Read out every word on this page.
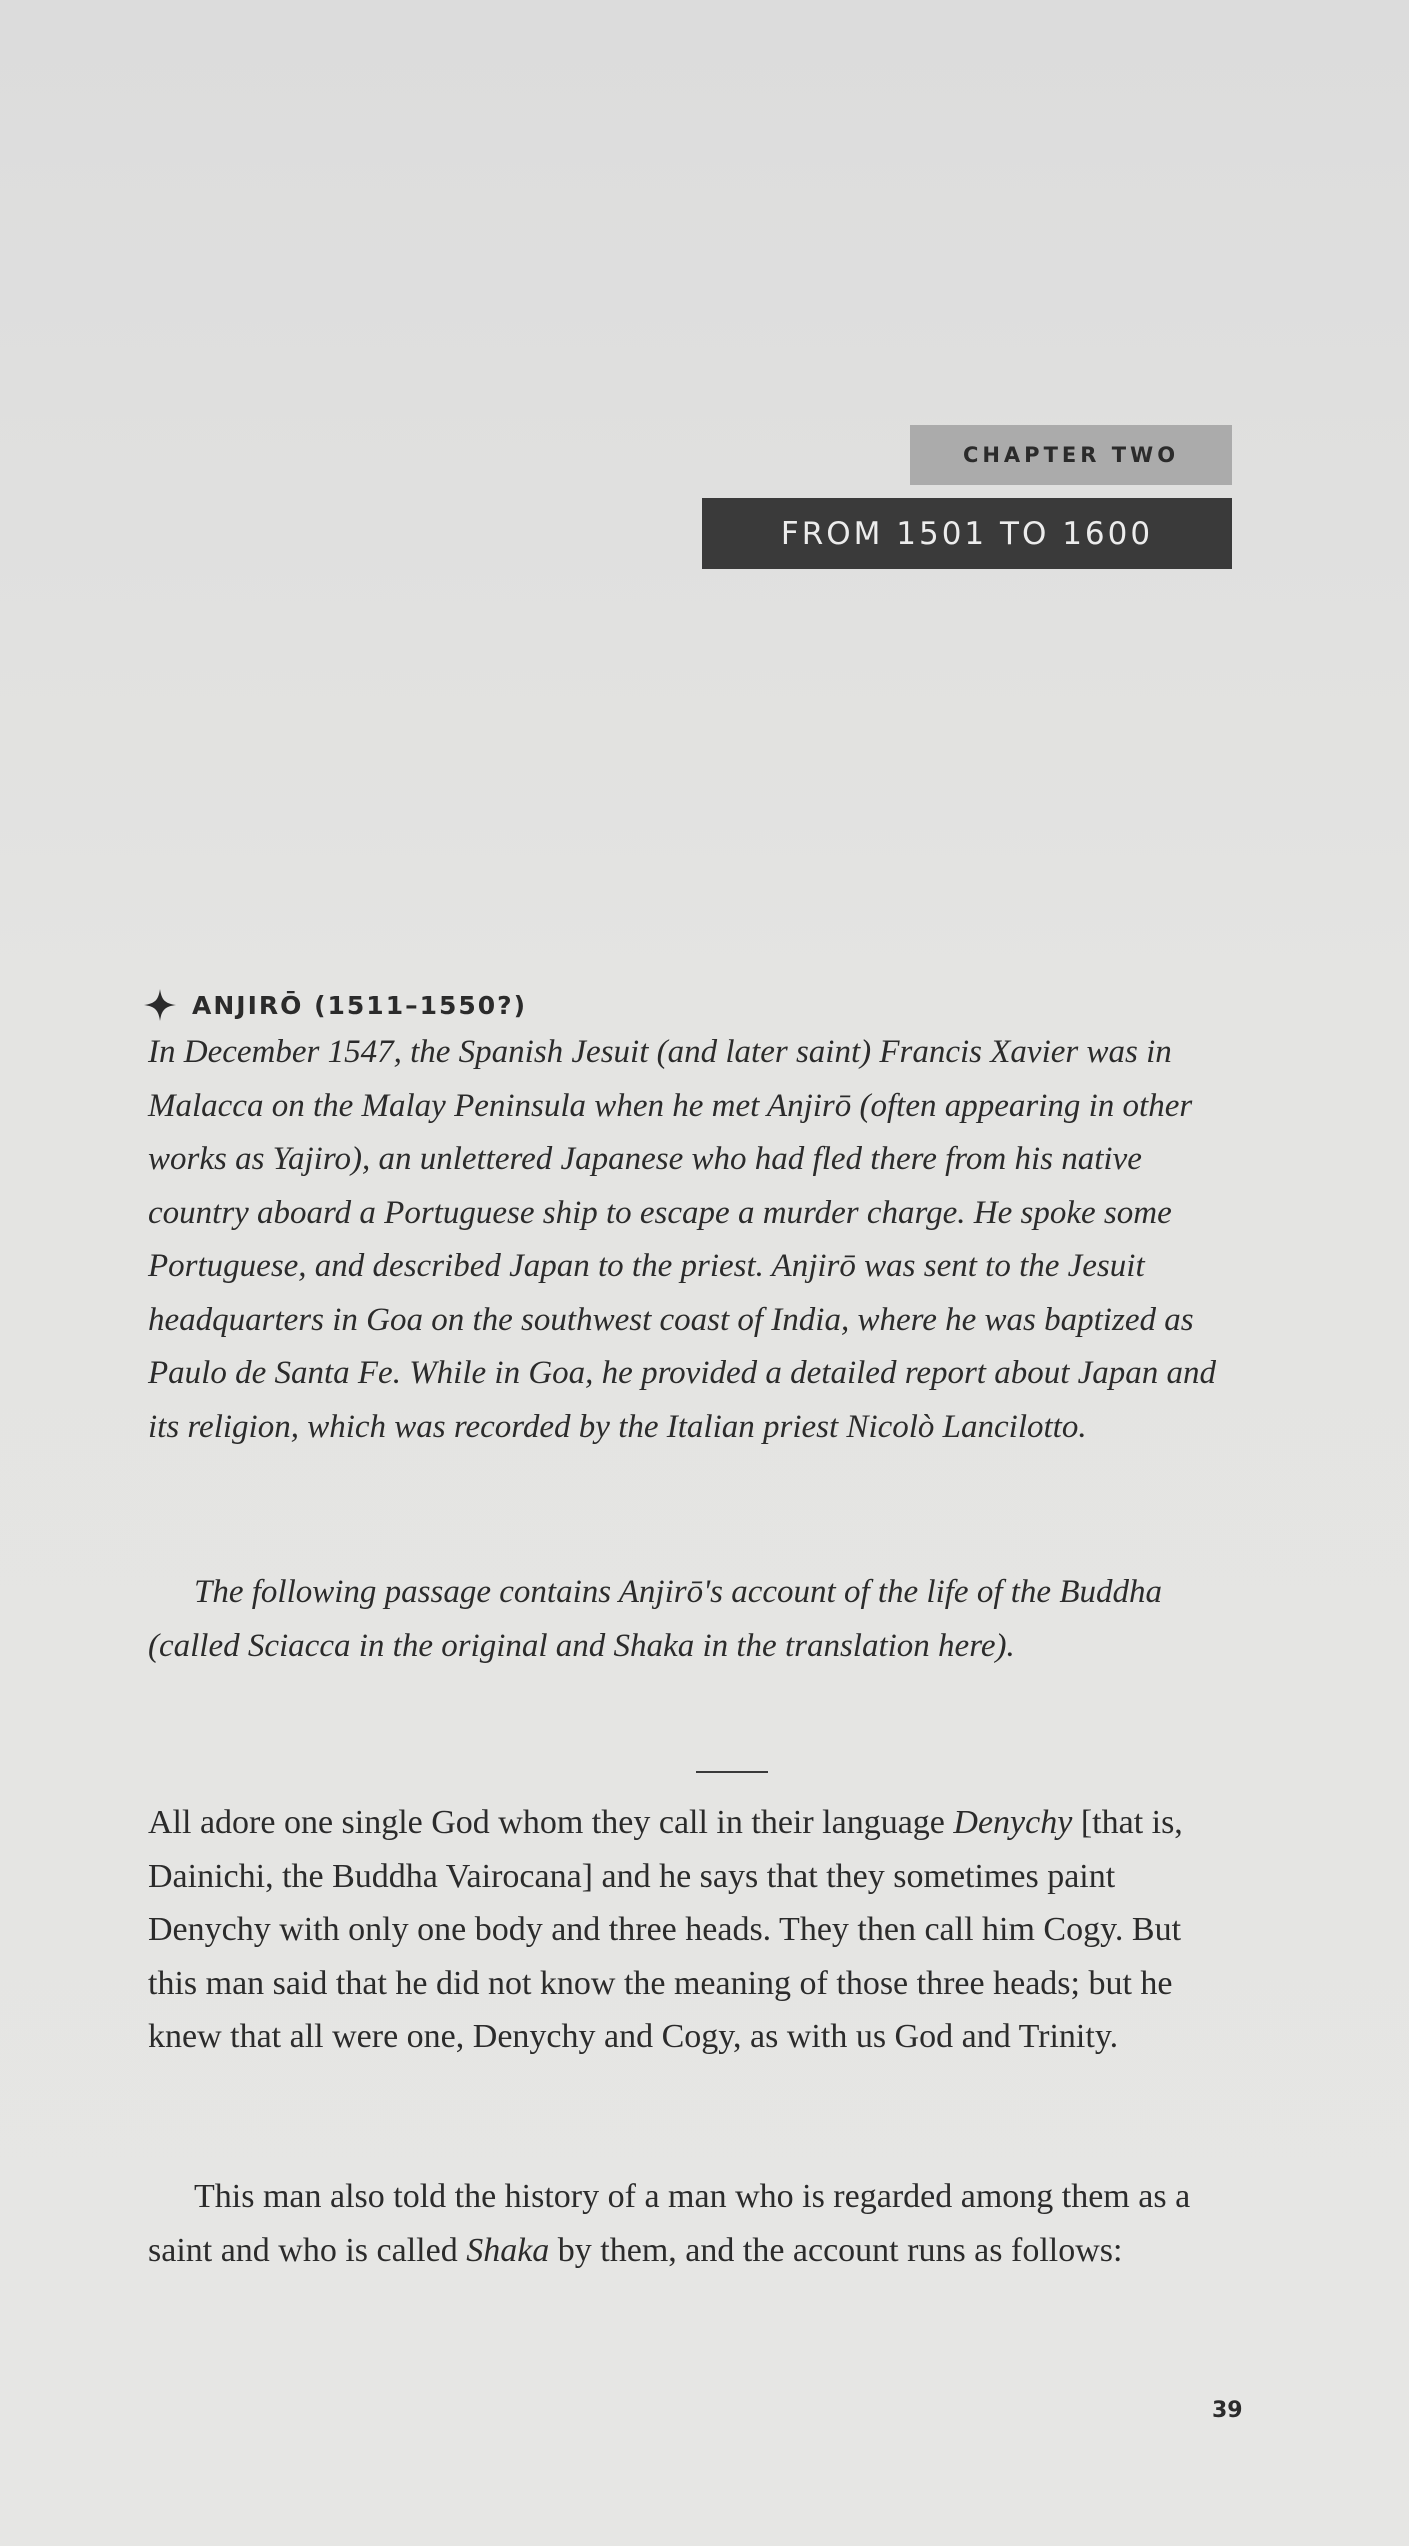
CHAPTER TWO
FROM 1501 TO 1600
ANJIRŌ (1511–1550?)

In December 1547, the Spanish Jesuit (and later saint) Francis Xavier was in Malacca on the Malay Peninsula when he met Anjirō (often appearing in other works as Yajiro), an unlettered Japanese who had fled there from his native country aboard a Portuguese ship to escape a murder charge. He spoke some Portuguese, and described Japan to the priest. Anjirō was sent to the Jesuit headquarters in Goa on the southwest coast of India, where he was baptized as Paulo de Santa Fe. While in Goa, he provided a detailed report about Japan and its religion, which was recorded by the Italian priest Nicolò Lancilotto.

The following passage contains Anjirō's account of the life of the Buddha (called Sciacca in the original and Shaka in the translation here).

All adore one single God whom they call in their language Denychy [that is, Dainichi, the Buddha Vairocana] and he says that they sometimes paint Denychy with only one body and three heads. They then call him Cogy. But this man said that he did not know the meaning of those three heads; but he knew that all were one, Denychy and Cogy, as with us God and Trinity.

This man also told the history of a man who is regarded among them as a saint and who is called Shaka by them, and the account runs as follows:

39
